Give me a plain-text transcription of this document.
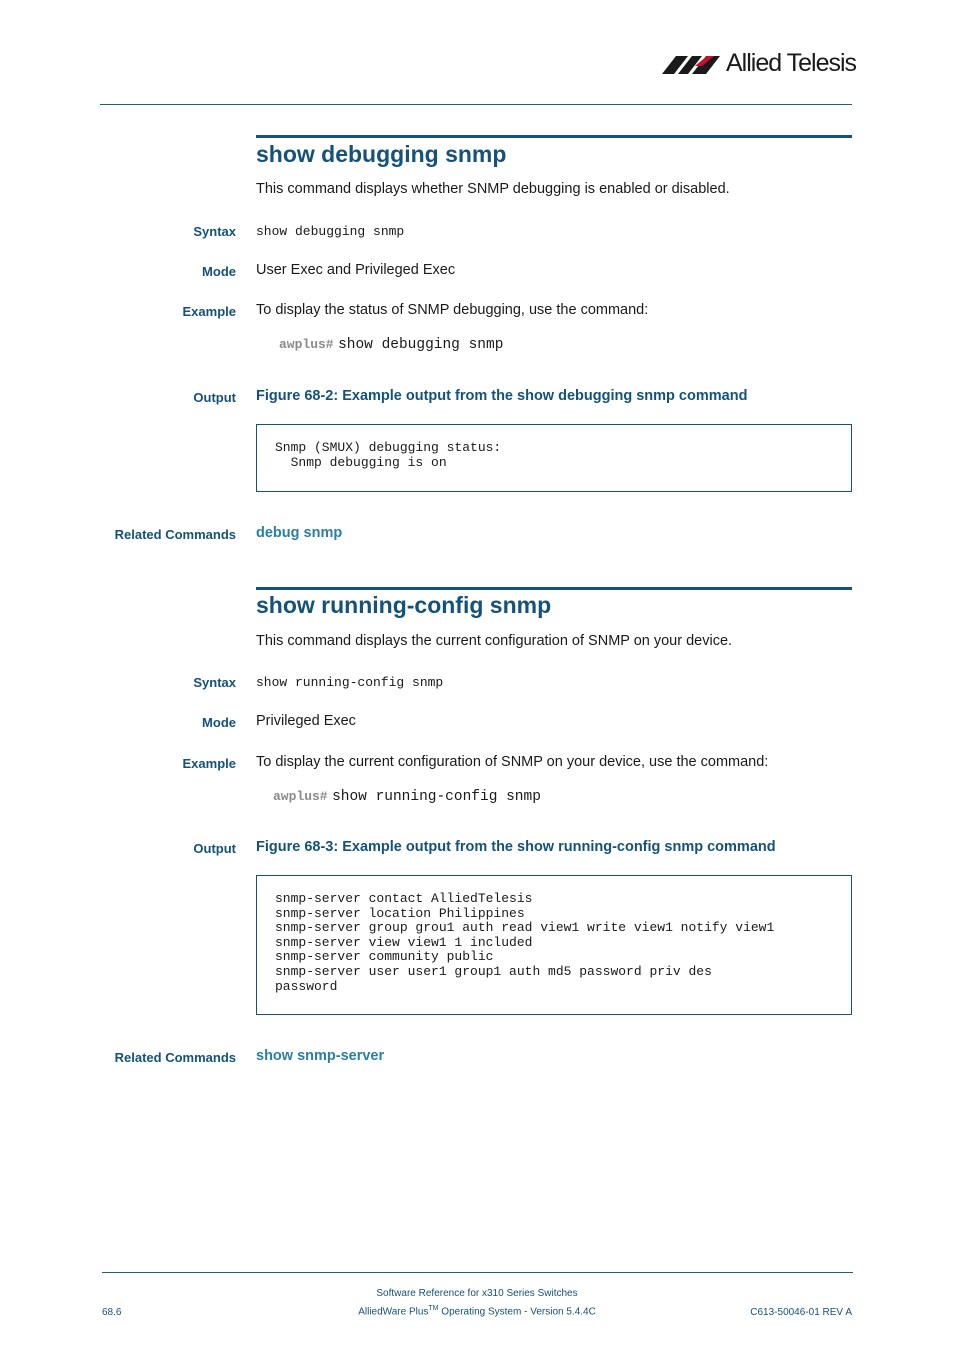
Allied Telesis
show debugging snmp
This command displays whether SNMP debugging is enabled or disabled.
Syntax show debugging snmp
Mode User Exec and Privileged Exec
Example To display the status of SNMP debugging, use the command:
awplus# show debugging snmp
Output Figure 68-2: Example output from the show debugging snmp command
Snmp (SMUX) debugging status:
Snmp debugging is on
Related Commands debug snmp
show running-config snmp
This command displays the current configuration of SNMP on your device.
Syntax show running-config snmp
Mode Privileged Exec
Example To display the current configuration of SNMP on your device, use the command:
awplus# show running-config snmp
Output Figure 68-3: Example output from the show running-config snmp command
snmp-server contact AlliedTelesis
snmp-server location Philippines
snmp-server group grou1 auth read view1 write view1 notify view1
snmp-server view view1 1 included
snmp-server community public
snmp-server user user1 group1 auth md5 password priv des
password
Related Commands show snmp-server
Software Reference for x310 Series Switches
68.6	AlliedWare Plus™ Operating System - Version 5.4.4C	C613-50046-01 REV A
